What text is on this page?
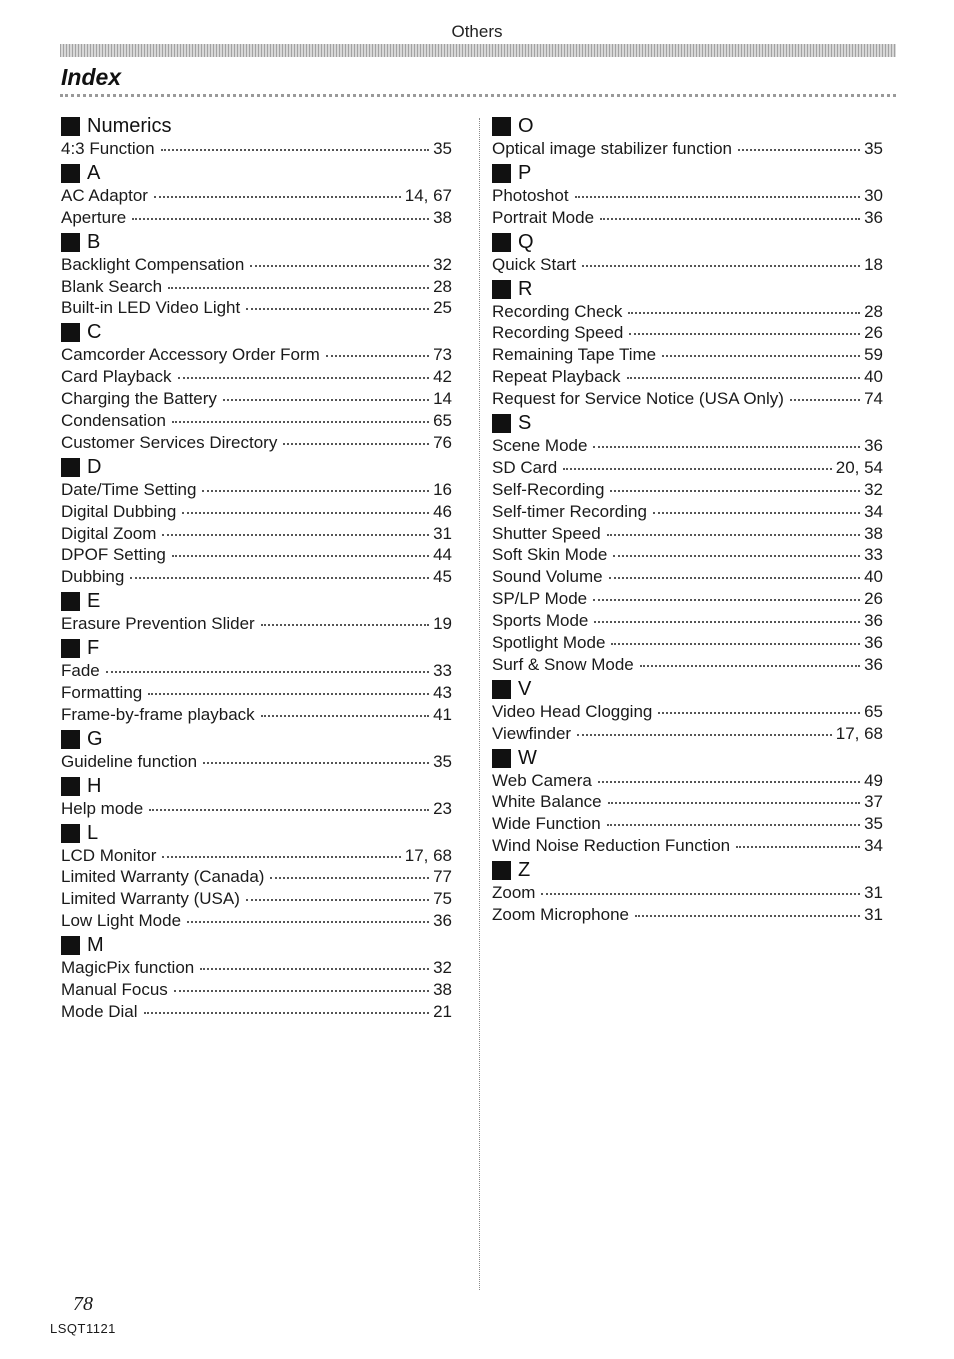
Others
Index
Numerics
4:3 Function	35
A
AC Adaptor	14, 67
Aperture	38
B
Backlight Compensation	32
Blank Search	28
Built-in LED Video Light	25
C
Camcorder Accessory Order Form	73
Card Playback	42
Charging the Battery	14
Condensation	65
Customer Services Directory	76
D
Date/Time Setting	16
Digital Dubbing	46
Digital Zoom	31
DPOF Setting	44
Dubbing	45
E
Erasure Prevention Slider	19
F
Fade	33
Formatting	43
Frame-by-frame playback	41
G
Guideline function	35
H
Help mode	23
L
LCD Monitor	17, 68
Limited Warranty (Canada)	77
Limited Warranty (USA)	75
Low Light Mode	36
M
MagicPix function	32
Manual Focus	38
Mode Dial	21
O
Optical image stabilizer function	35
P
Photoshot	30
Portrait Mode	36
Q
Quick Start	18
R
Recording Check	28
Recording Speed	26
Remaining Tape Time	59
Repeat Playback	40
Request for Service Notice (USA Only)	74
S
Scene Mode	36
SD Card	20, 54
Self-Recording	32
Self-timer Recording	34
Shutter Speed	38
Soft Skin Mode	33
Sound Volume	40
SP/LP Mode	26
Sports Mode	36
Spotlight Mode	36
Surf & Snow Mode	36
V
Video Head Clogging	65
Viewfinder	17, 68
W
Web Camera	49
White Balance	37
Wide Function	35
Wind Noise Reduction Function	34
Z
Zoom	31
Zoom Microphone	31
78
LSQT1121
